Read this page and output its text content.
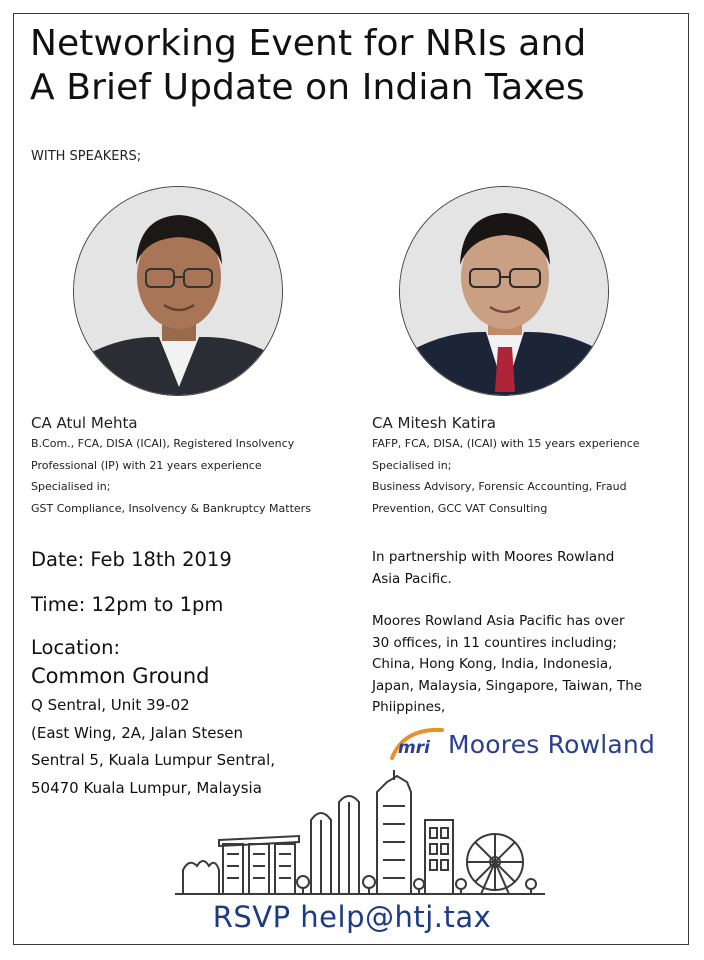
Networking Event for NRIs and
A Brief Update on Indian Taxes
WITH SPEAKERS;
CA Atul Mehta
B.Com., FCA, DISA (ICAI), Registered Insolvency
Professional (IP) with 21 years experience
Specialised in;
GST Compliance, Insolvency & Bankruptcy Matters
CA Mitesh Katira
FAFP, FCA, DISA, (ICAI) with 15 years experience
Specialised in;
Business Advisory, Forensic Accounting, Fraud
Prevention, GCC VAT Consulting
Date: Feb 18th 2019
Time: 12pm to 1pm
Location:
Common Ground
Q Sentral, Unit 39-02
(East Wing, 2A, Jalan Stesen
Sentral 5, Kuala Lumpur Sentral,
50470 Kuala Lumpur, Malaysia
In partnership with Moores Rowland
Asia Pacific.
Moores Rowland Asia Pacific has over
30 offices, in 11 countires including;
China, Hong Kong, India, Indonesia,
Japan, Malaysia, Singapore, Taiwan, The
Phiippines,
mri Moores Rowland
RSVP help@htj.tax
